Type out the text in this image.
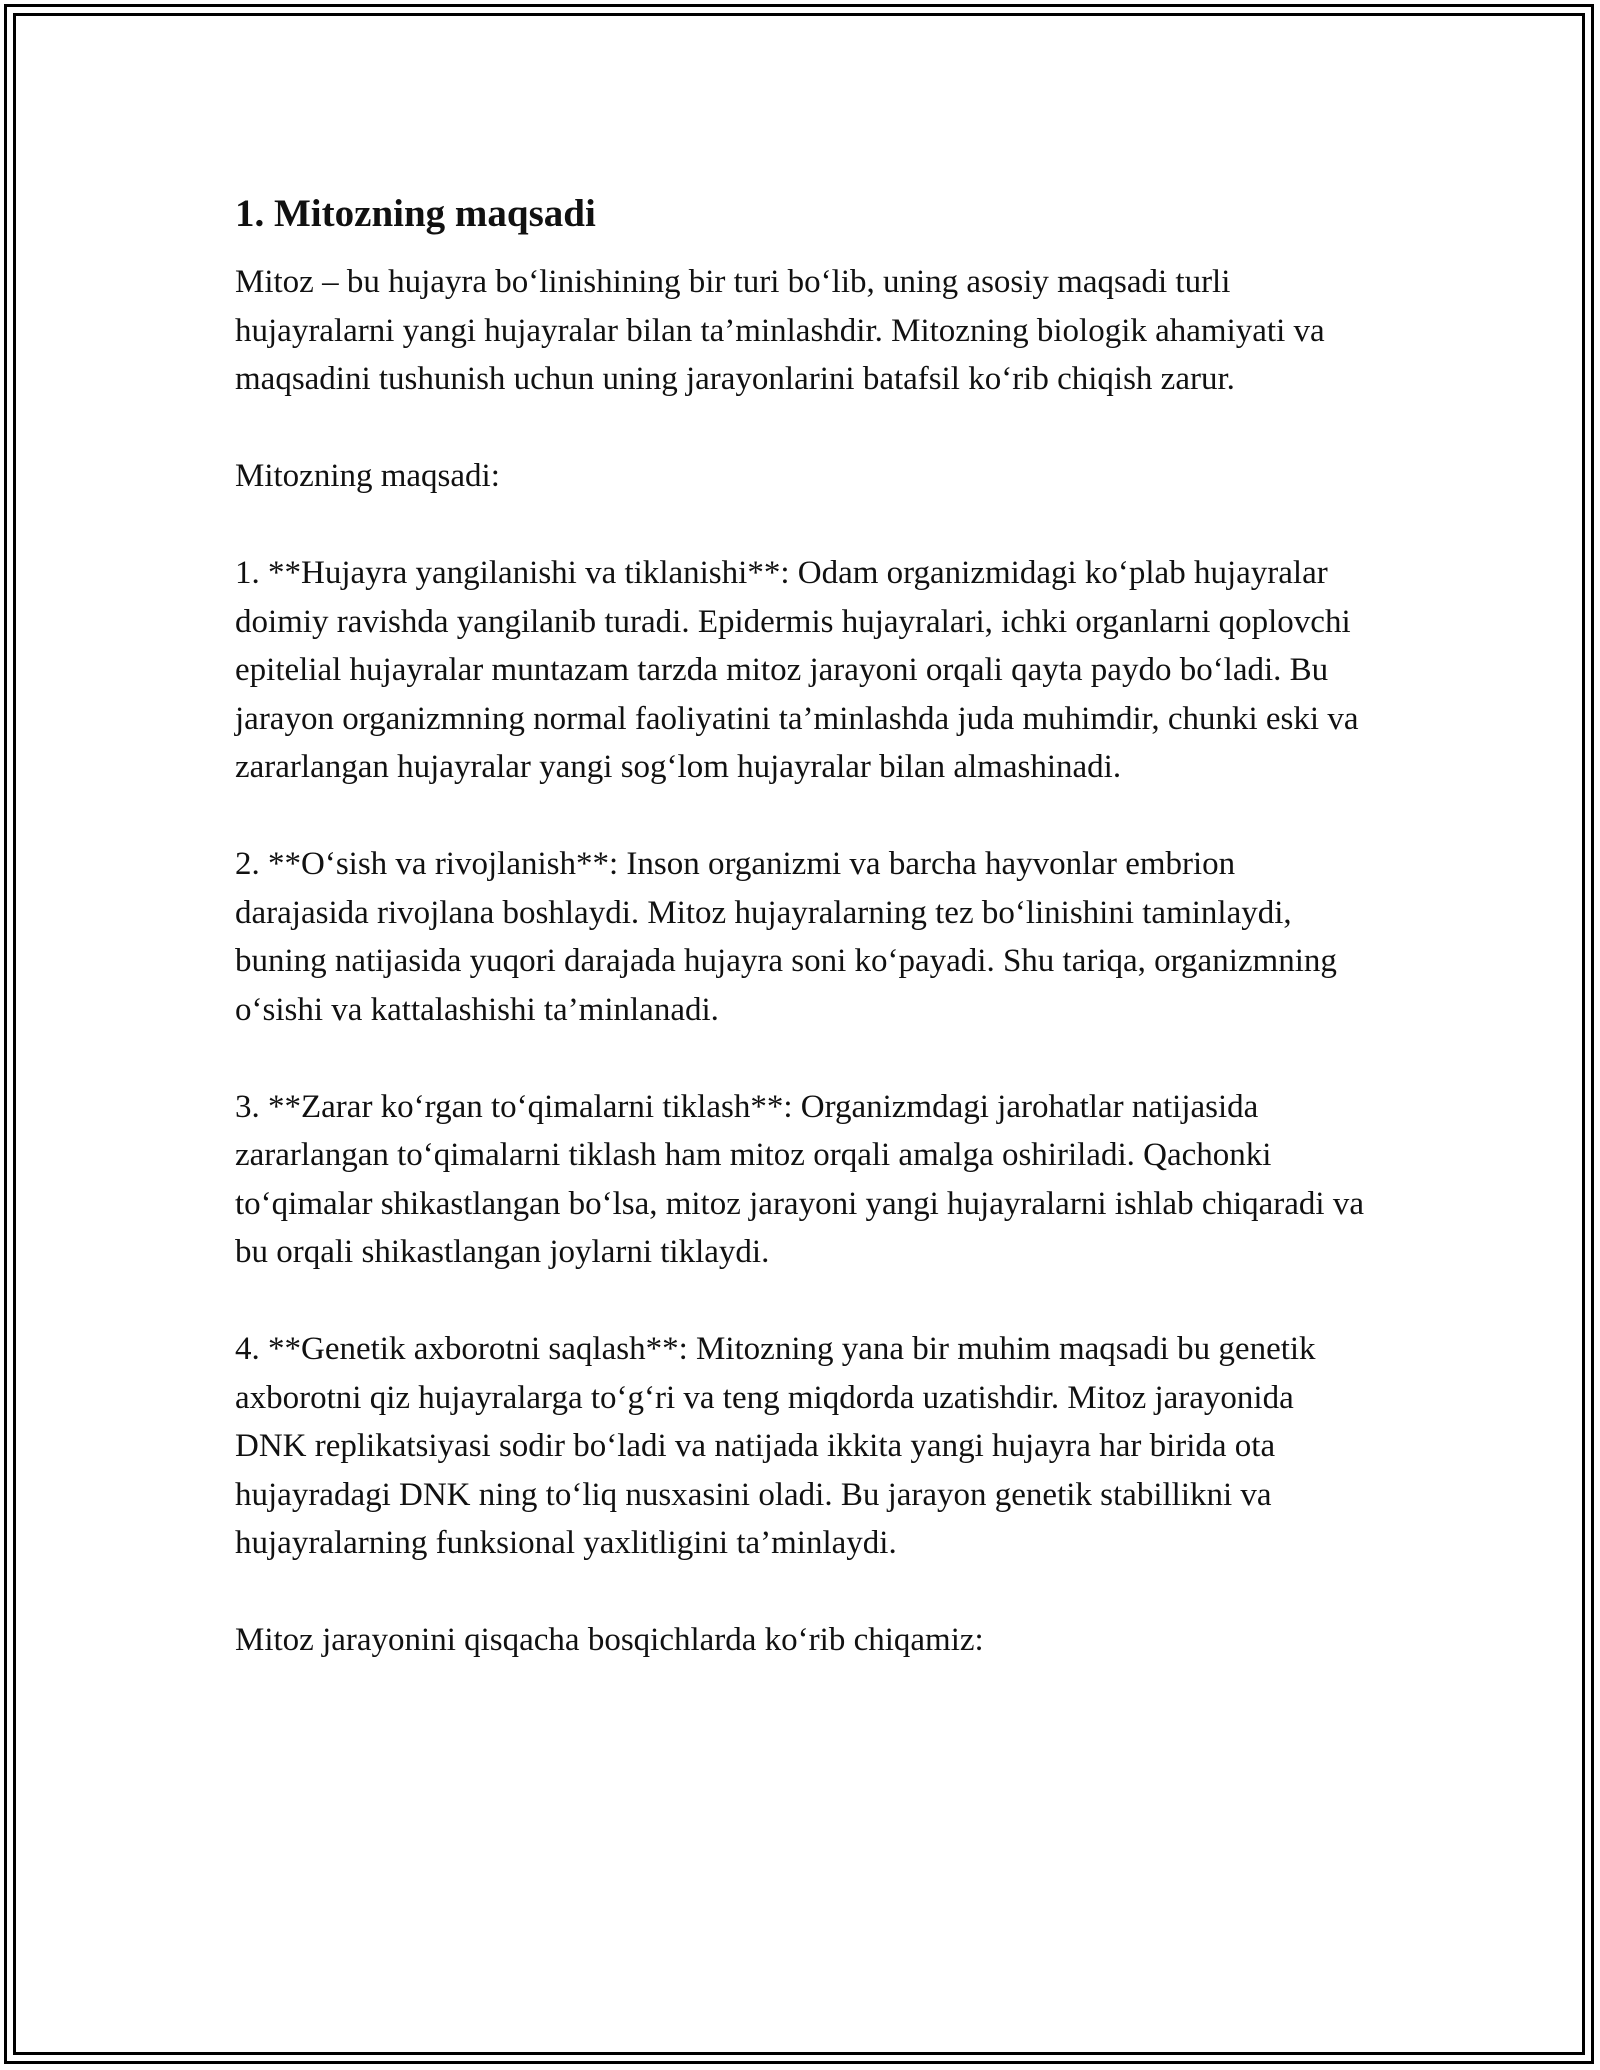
1. Mitozning maqsadi

Mitoz – bu hujayra bo‘linishining bir turi bo‘lib, uning asosiy maqsadi turli hujayralarni yangi hujayralar bilan ta’minlashdir. Mitozning biologik ahamiyati va maqsadini tushunish uchun uning jarayonlarini batafsil ko‘rib chiqish zarur.

Mitozning maqsadi:

1. **Hujayra yangilanishi va tiklanishi**: Odam organizmidagi ko‘plab hujayralar doimiy ravishda yangilanib turadi. Epidermis hujayralari, ichki organlarni qoplovchi epitelial hujayralar muntazam tarzda mitoz jarayoni orqali qayta paydo bo‘ladi. Bu jarayon organizmning normal faoliyatini ta’minlashda juda muhimdir, chunki eski va zararlangan hujayralar yangi sog‘lom hujayralar bilan almashinadi.

2. **O‘sish va rivojlanish**: Inson organizmi va barcha hayvonlar embrion darajasida rivojlana boshlaydi. Mitoz hujayralarning tez bo‘linishini taminlaydi, buning natijasida yuqori darajada hujayra soni ko‘payadi. Shu tariqa, organizmning o‘sishi va kattalashishi ta’minlanadi.

3. **Zarar ko‘rgan to‘qimalarni tiklash**: Organizmdagi jarohatlar natijasida zararlangan to‘qimalarni tiklash ham mitoz orqali amalga oshiriladi. Qachonki to‘qimalar shikastlangan bo‘lsa, mitoz jarayoni yangi hujayralarni ishlab chiqaradi va bu orqali shikastlangan joylarni tiklaydi.

4. **Genetik axborotni saqlash**: Mitozning yana bir muhim maqsadi bu genetik axborotni qiz hujayralarga to‘g‘ri va teng miqdorda uzatishdir. Mitoz jarayonida DNK replikatsiyasi sodir bo‘ladi va natijada ikkita yangi hujayra har birida ota hujayradagi DNK ning to‘liq nusxasini oladi. Bu jarayon genetik stabillikni va hujayralarning funksional yaxlitligini ta’minlaydi.

Mitoz jarayonini qisqacha bosqichlarda ko‘rib chiqamiz:
